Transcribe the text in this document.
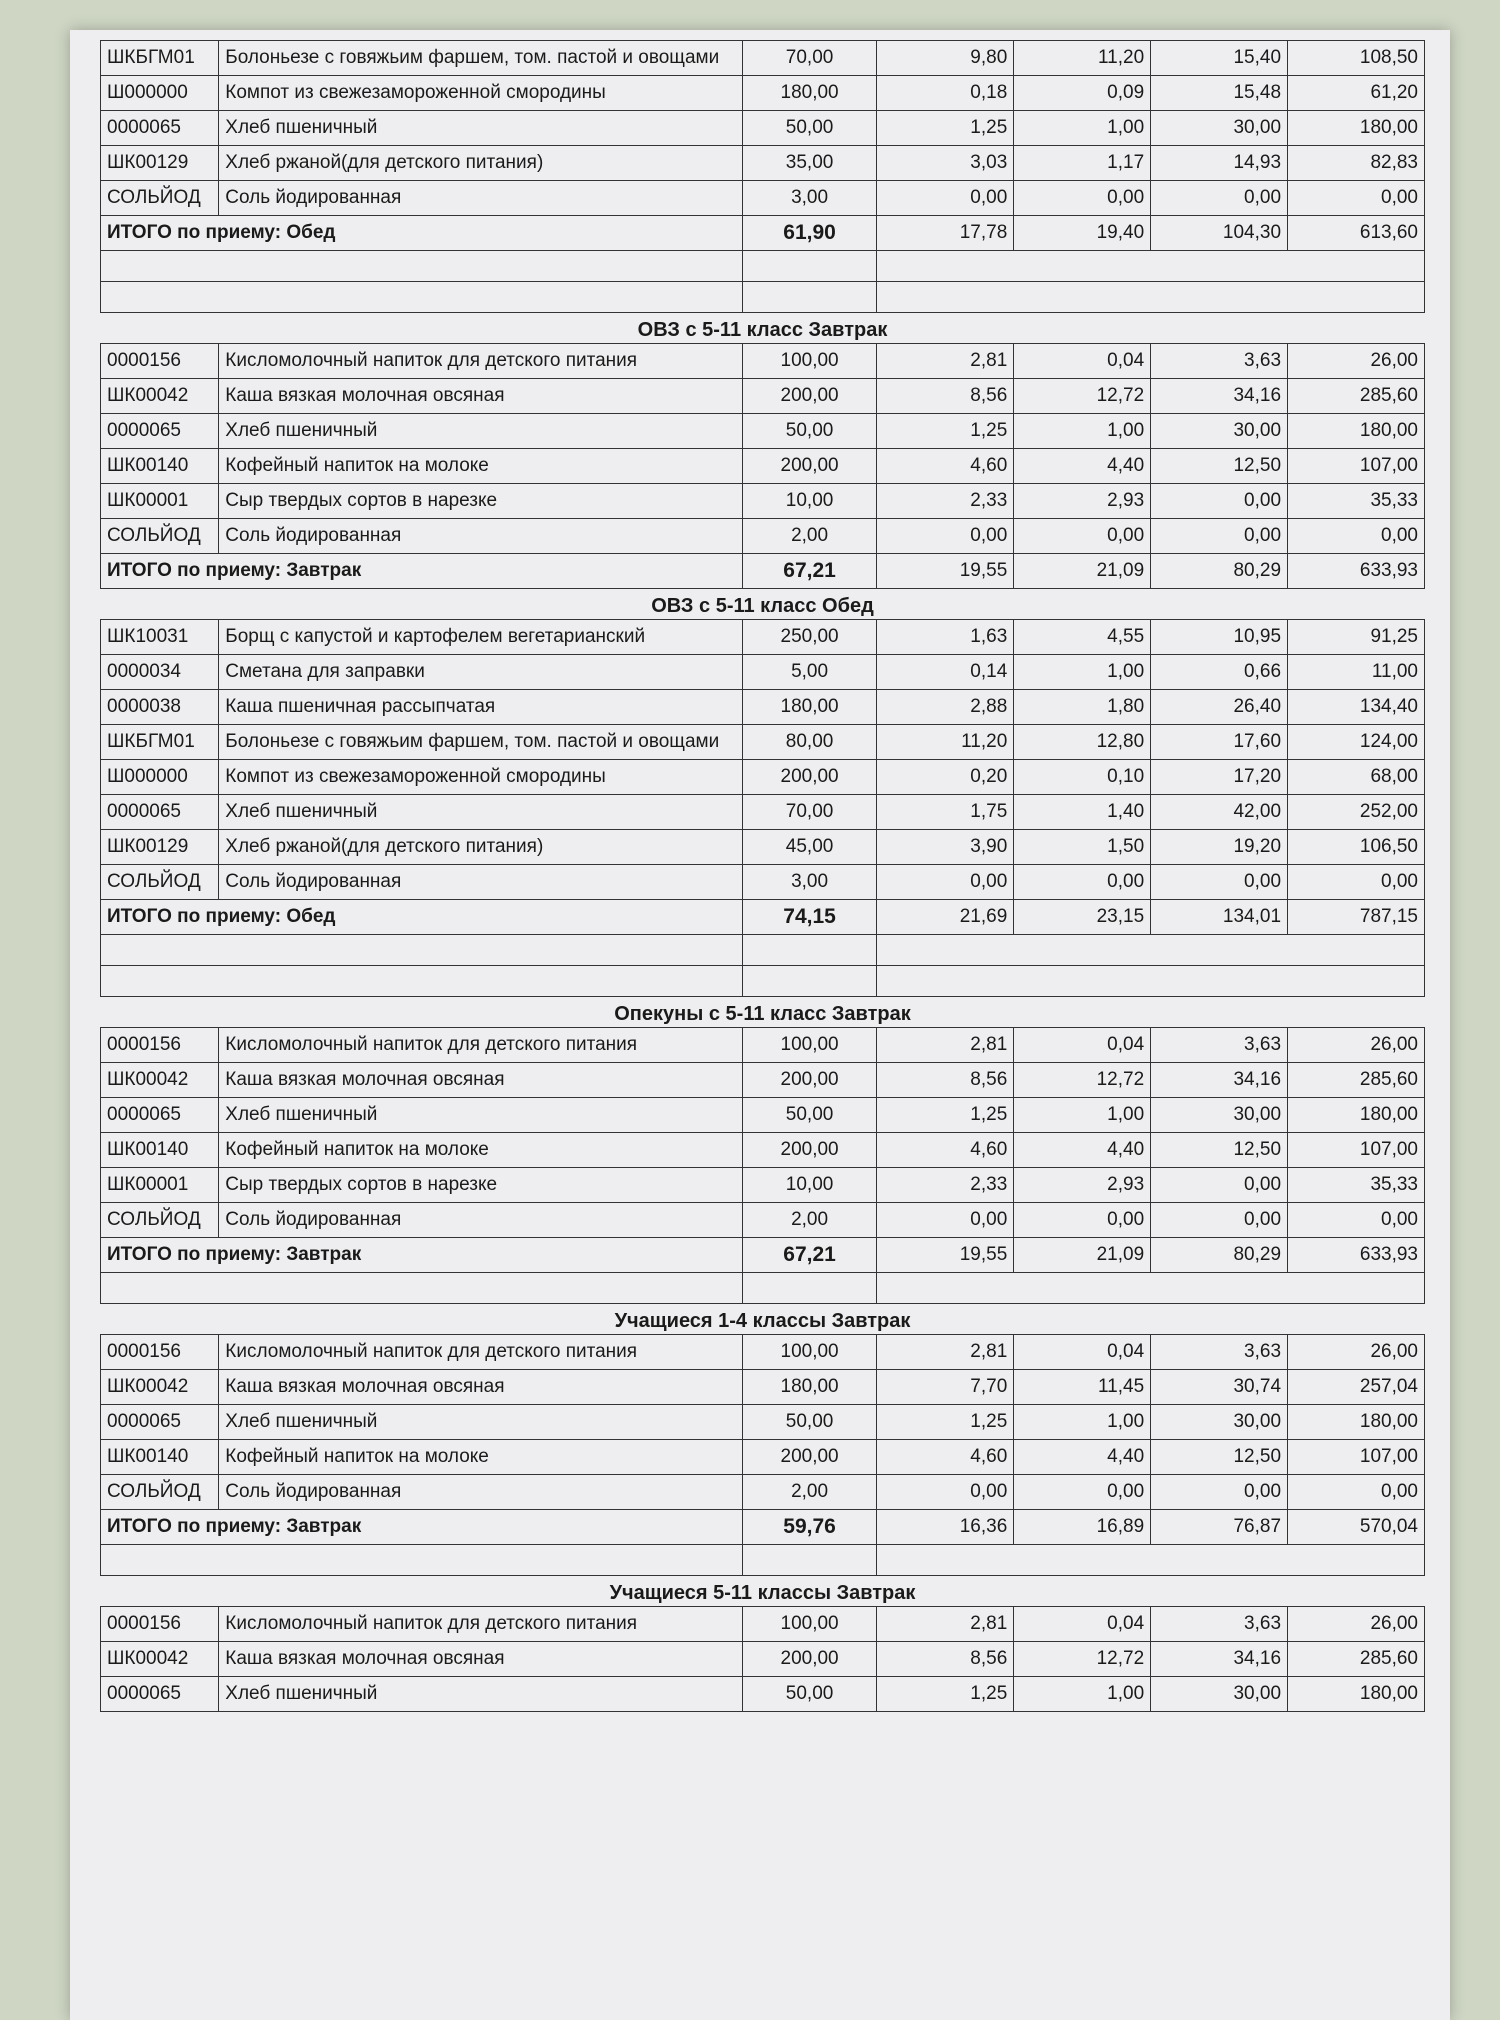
ШКБГМ01	Болоньезе с говяжьим фаршем, том. пастой и овощами	70,00	9,80	11,20	15,40	108,50
Ш000000	Компот из свежезамороженной смородины	180,00	0,18	0,09	15,48	61,20
0000065	Хлеб пшеничный	50,00	1,25	1,00	30,00	180,00
ШК00129	Хлеб ржаной(для детского питания)	35,00	3,03	1,17	14,93	82,83
СОЛЬЙОД	Соль йодированная	3,00	0,00	0,00	0,00	0,00
ИТОГО по приему: Обед		61,90	17,78	19,40	104,30	613,60

ОВЗ с 5-11 класс Завтрак
0000156	Кисломолочный напиток для детского питания	100,00	2,81	0,04	3,63	26,00
ШК00042	Каша вязкая молочная овсяная	200,00	8,56	12,72	34,16	285,60
0000065	Хлеб пшеничный	50,00	1,25	1,00	30,00	180,00
ШК00140	Кофейный напиток на молоке	200,00	4,60	4,40	12,50	107,00
ШК00001	Сыр твердых сортов в нарезке	10,00	2,33	2,93	0,00	35,33
СОЛЬЙОД	Соль йодированная	2,00	0,00	0,00	0,00	0,00
ИТОГО по приему: Завтрак		67,21	19,55	21,09	80,29	633,93
ОВЗ с 5-11 класс Обед
ШК10031	Борщ с капустой и картофелем вегетарианский	250,00	1,63	4,55	10,95	91,25
0000034	Сметана для заправки	5,00	0,14	1,00	0,66	11,00
0000038	Каша пшеничная рассыпчатая	180,00	2,88	1,80	26,40	134,40
ШКБГМ01	Болоньезе с говяжьим фаршем, том. пастой и овощами	80,00	11,20	12,80	17,60	124,00
Ш000000	Компот из свежезамороженной смородины	200,00	0,20	0,10	17,20	68,00
0000065	Хлеб пшеничный	70,00	1,75	1,40	42,00	252,00
ШК00129	Хлеб ржаной(для детского питания)	45,00	3,90	1,50	19,20	106,50
СОЛЬЙОД	Соль йодированная	3,00	0,00	0,00	0,00	0,00
ИТОГО по приему: Обед		74,15	21,69	23,15	134,01	787,15

Опекуны с 5-11 класс Завтрак
0000156	Кисломолочный напиток для детского питания	100,00	2,81	0,04	3,63	26,00
ШК00042	Каша вязкая молочная овсяная	200,00	8,56	12,72	34,16	285,60
0000065	Хлеб пшеничный	50,00	1,25	1,00	30,00	180,00
ШК00140	Кофейный напиток на молоке	200,00	4,60	4,40	12,50	107,00
ШК00001	Сыр твердых сортов в нарезке	10,00	2,33	2,93	0,00	35,33
СОЛЬЙОД	Соль йодированная	2,00	0,00	0,00	0,00	0,00
ИТОГО по приему: Завтрак		67,21	19,55	21,09	80,29	633,93

Учащиеся 1-4 классы Завтрак
0000156	Кисломолочный напиток для детского питания	100,00	2,81	0,04	3,63	26,00
ШК00042	Каша вязкая молочная овсяная	180,00	7,70	11,45	30,74	257,04
0000065	Хлеб пшеничный	50,00	1,25	1,00	30,00	180,00
ШК00140	Кофейный напиток на молоке	200,00	4,60	4,40	12,50	107,00
СОЛЬЙОД	Соль йодированная	2,00	0,00	0,00	0,00	0,00
ИТОГО по приему: Завтрак		59,76	16,36	16,89	76,87	570,04

Учащиеся 5-11 классы Завтрак
0000156	Кисломолочный напиток для детского питания	100,00	2,81	0,04	3,63	26,00
ШК00042	Каша вязкая молочная овсяная	200,00	8,56	12,72	34,16	285,60
0000065	Хлеб пшеничный	50,00	1,25	1,00	30,00	180,00
